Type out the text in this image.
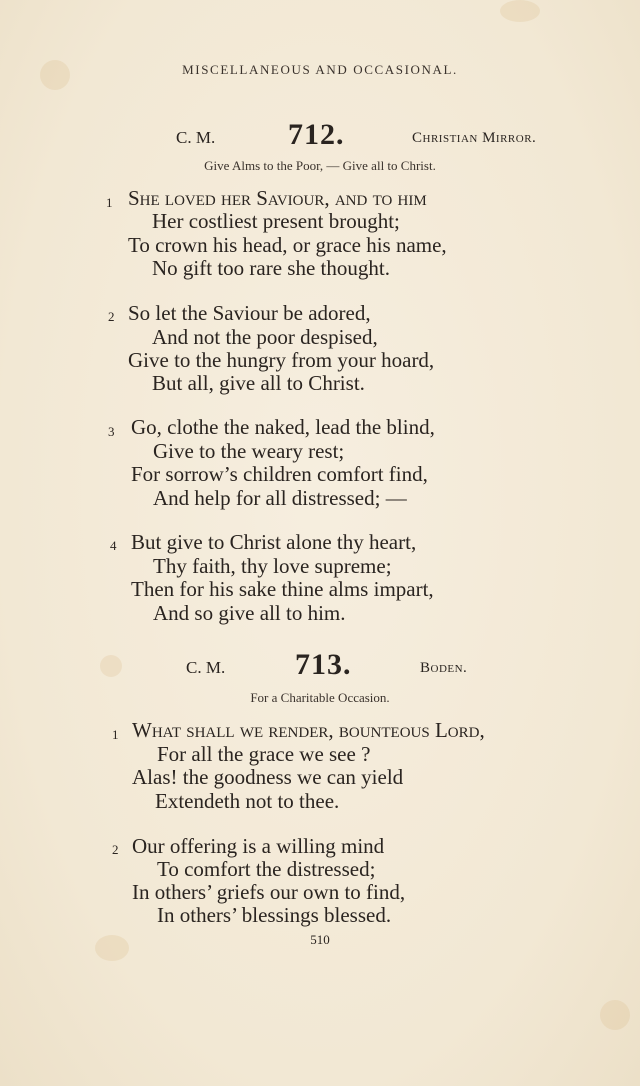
MISCELLANEOUS AND OCCASIONAL.
C. M. 712.	Christian Mirror.
Give Alms to the Poor, — Give all to Christ.
1 She loved her Saviour, and to him
Her costliest present brought;
To crown his head, or grace his name,
No gift too rare she thought.
2 So let the Saviour be adored,
And not the poor despised,
Give to the hungry from your hoard,
But all, give all to Christ.
3 Go, clothe the naked, lead the blind,
Give to the weary rest;
For sorrow’s children comfort find,
And help for all distressed; —
4 But give to Christ alone thy heart,
Thy faith, thy love supreme;
Then for his sake thine alms impart,
And so give all to him.
C. M. 713.	Boden.
For a Charitable Occasion.
1 What shall we render, bounteous Lord,
For all the grace we see ?
Alas! the goodness we can yield
Extendeth not to thee.
2 Our offering is a willing mind
To comfort the distressed;
In others’ griefs our own to find,
In others’ blessings blessed.
510
